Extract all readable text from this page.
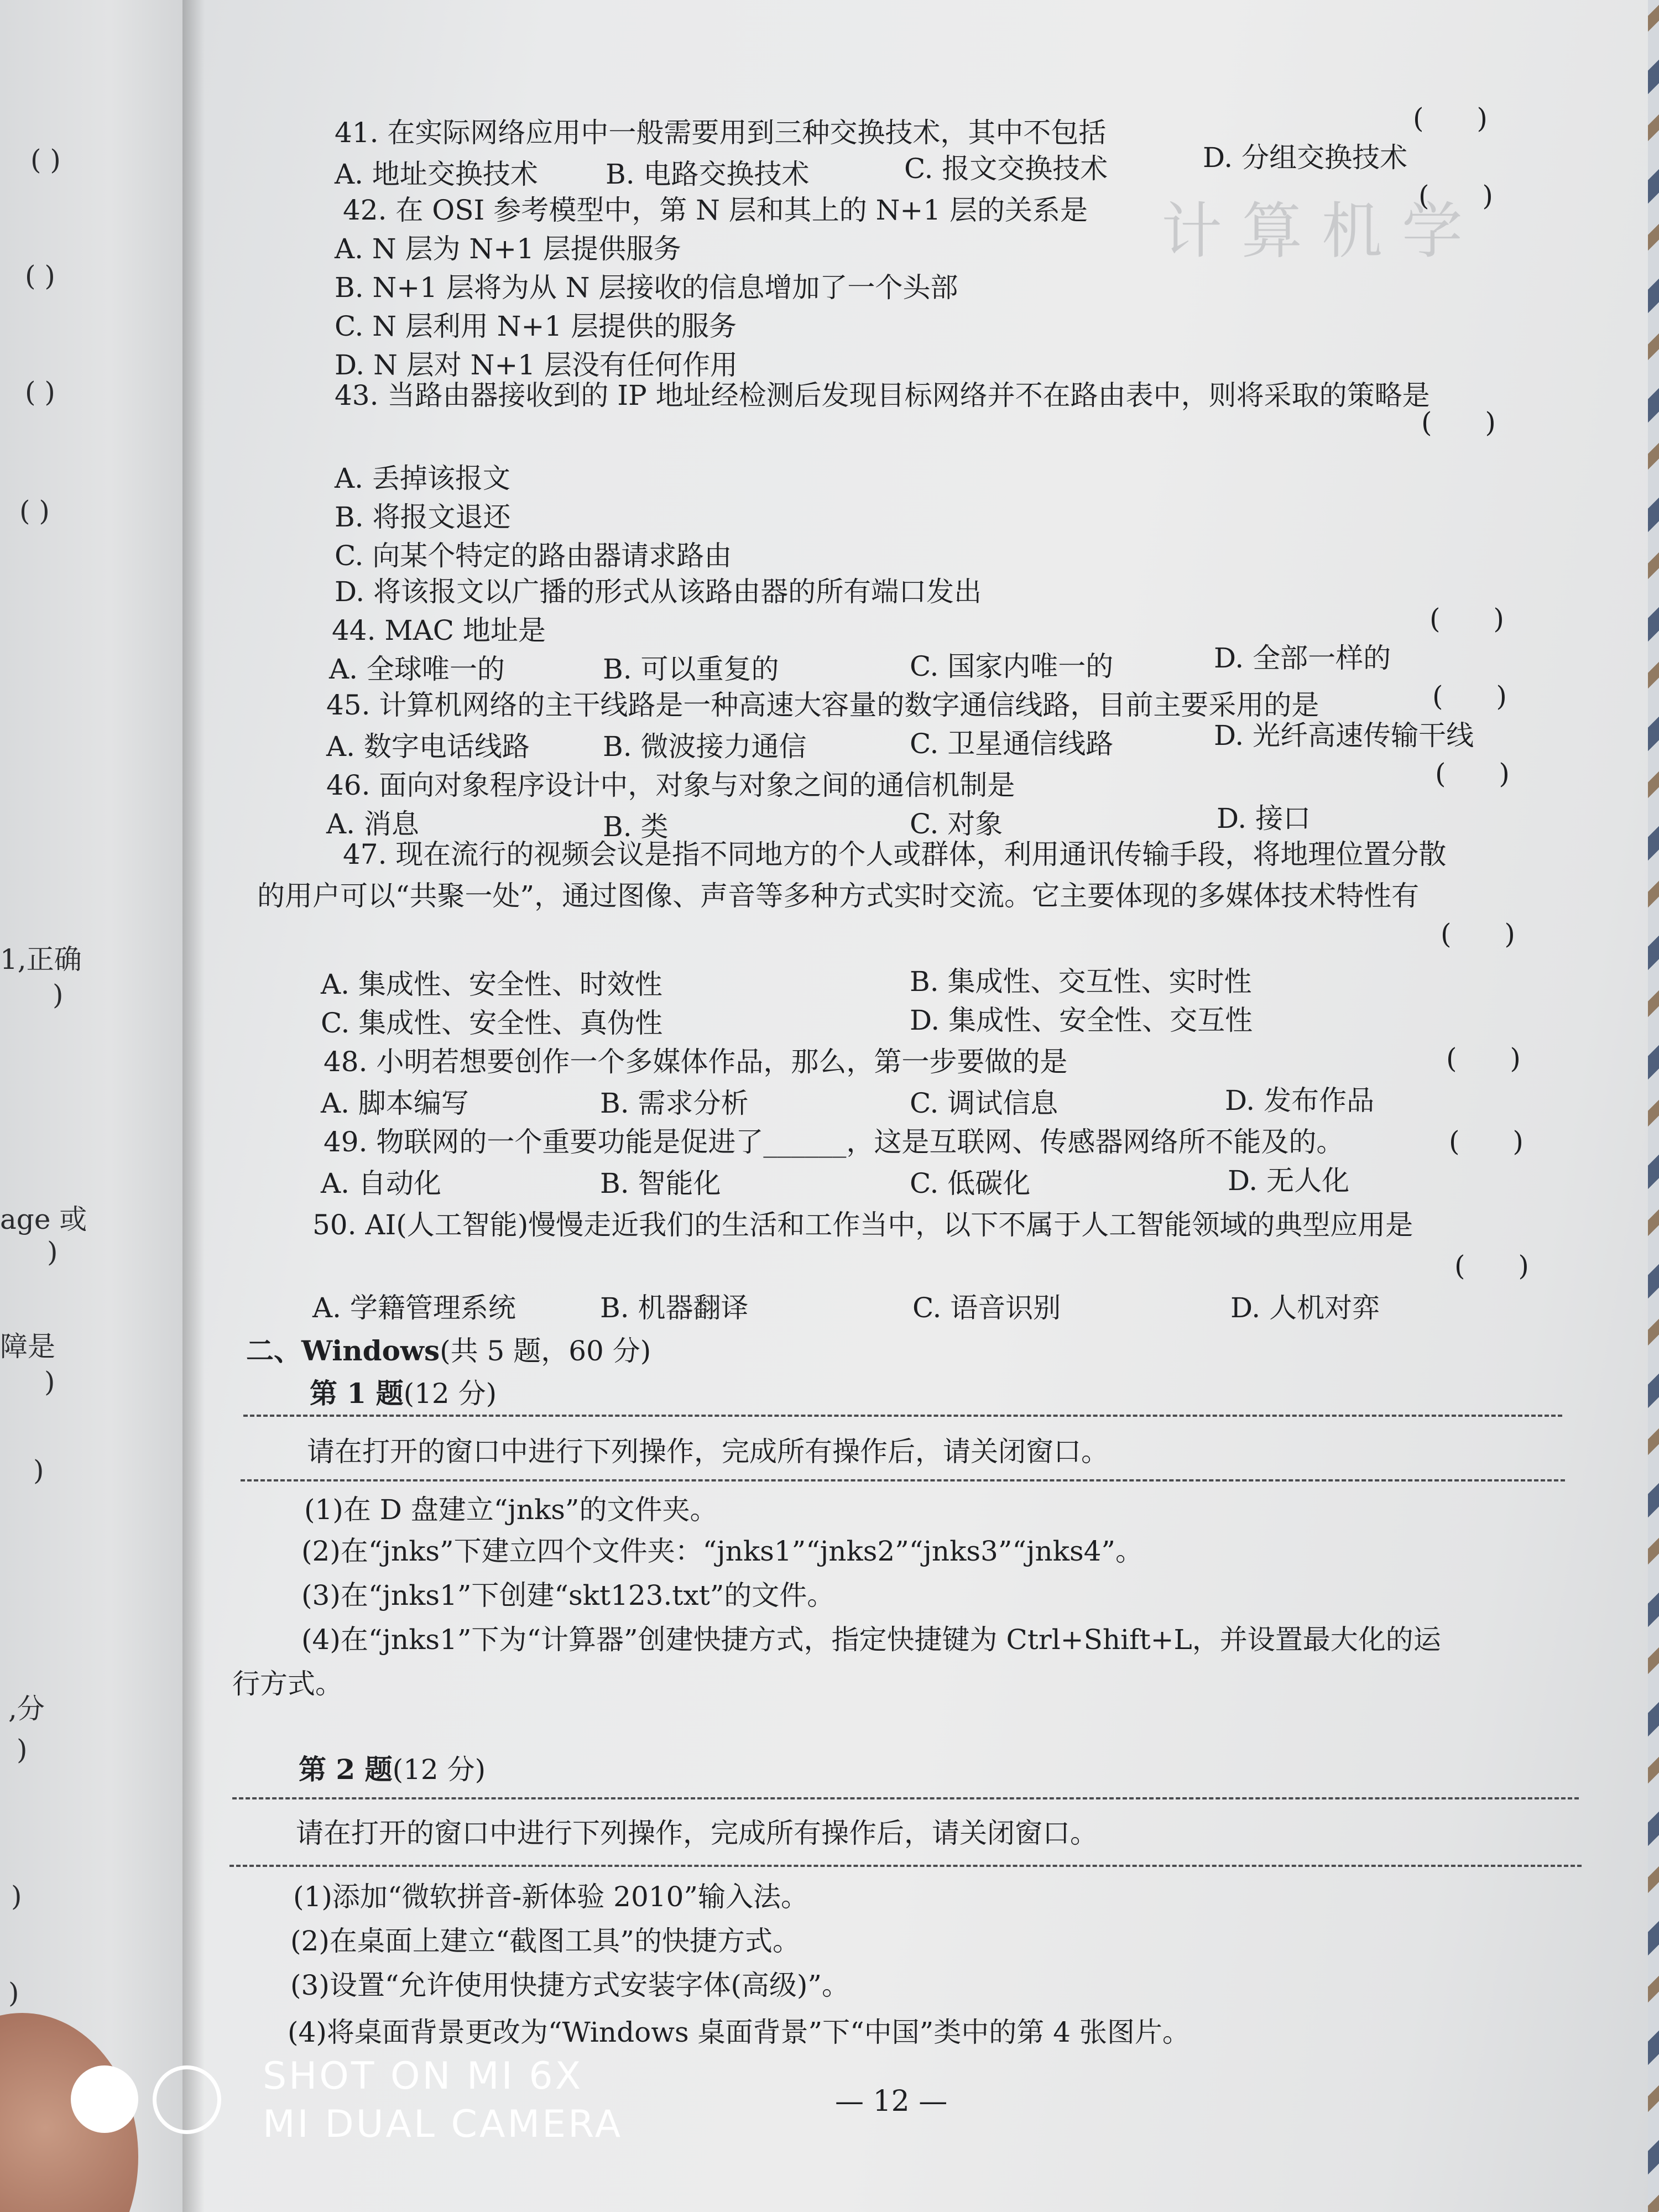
计 算 机 学
( )
( )
( )
( )
1,正确
)
age 或
)
障是
)
)
,分
)
)
)
41. 在实际网络应用中一般需要用到三种交换技术，其中不包括	( )
A. 地址交换技术 B. 电路交换技术	C. 报文交换技术	D. 分组交换技术
42. 在 OSI 参考模型中，第 N 层和其上的 N+1 层的关系是	( )
A. N 层为 N+1 层提供服务
B. N+1 层将为从 N 层接收的信息增加了一个头部
C. N 层利用 N+1 层提供的服务
D. N 层对 N+1 层没有任何作用
43. 当路由器接收到的 IP 地址经检测后发现目标网络并不在路由表中，则将采取的策略是
( )
A. 丢掉该报文
B. 将报文退还
C. 向某个特定的路由器请求路由
D. 将该报文以广播的形式从该路由器的所有端口发出
44. MAC 地址是	( )
A. 全球唯一的	B. 可以重复的	C. 国家内唯一的	D. 全部一样的
45. 计算机网络的主干线路是一种高速大容量的数字通信线路，目前主要采用的是	( )
A. 数字电话线路	B. 微波接力通信	C. 卫星通信线路	D. 光纤高速传输干线
46. 面向对象程序设计中，对象与对象之间的通信机制是	( )
A. 消息	B. 类	C. 对象	D. 接口
47. 现在流行的视频会议是指不同地方的个人或群体，利用通讯传输手段，将地理位置分散
的用户可以“共聚一处”，通过图像、声音等多种方式实时交流。它主要体现的多媒体技术特性有
( )
A. 集成性、安全性、时效性	B. 集成性、交互性、实时性
C. 集成性、安全性、真伪性	D. 集成性、安全性、交互性
48. 小明若想要创作一个多媒体作品，那么，第一步要做的是	( )
A. 脚本编写	B. 需求分析	C. 调试信息	D. 发布作品
49. 物联网的一个重要功能是促进了______，这是互联网、传感器网络所不能及的。	( )
A. 自动化	B. 智能化	C. 低碳化	D. 无人化
50. AI(人工智能)慢慢走近我们的生活和工作当中，以下不属于人工智能领域的典型应用是
( )
A. 学籍管理系统	B. 机器翻译	C. 语音识别	D. 人机对弈
二、Windows(共 5 题，60 分)
第 1 题(12 分)
请在打开的窗口中进行下列操作，完成所有操作后，请关闭窗口。
(1)在 D 盘建立“jnks”的文件夹。
(2)在“jnks”下建立四个文件夹：“jnks1”“jnks2”“jnks3”“jnks4”。
(3)在“jnks1”下创建“skt123.txt”的文件。
(4)在“jnks1”下为“计算器”创建快捷方式，指定快捷键为 Ctrl+Shift+L，并设置最大化的运
行方式。
第 2 题(12 分)
请在打开的窗口中进行下列操作，完成所有操作后，请关闭窗口。
(1)添加“微软拼音-新体验 2010”输入法。
(2)在桌面上建立“截图工具”的快捷方式。
(3)设置“允许使用快捷方式安装字体(高级)”。
(4)将桌面背景更改为“Windows 桌面背景”下“中国”类中的第 4 张图片。
— 12 —
SHOT ON MI 6X
MI DUAL CAMERA
